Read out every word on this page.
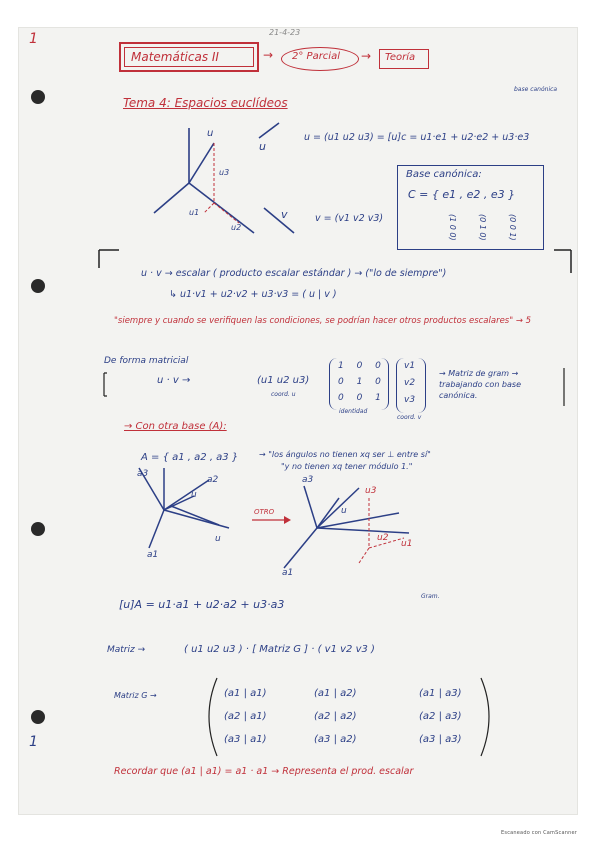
1
1
21-4-23
Matemáticas II	→ 2° Parcial → Teoría
base canónica
Tema 4: Espacios euclídeos
u
u3
u1
u2
u
v
u = (u1 u2 u3) = [u]c = u1·e1 + u2·e2 + u3·e3
v = (v1 v2 v3)
Base canónica:
C = { e1 , e2 , e3 }
(1 0 0)	(0 1 0)	(0 0 1)
u · v → escalar ( producto escalar estándar ) → ("lo de siempre")
↳ u1·v1 + u2·v2 + u3·v3 = ( u | v )
"siempre y cuando se verifiquen las condiciones, se podrían hacer otros productos escalares" → 5
De forma matricial
u · v →	(u1 u2 u3)
coord. u
1 0 0
0 1 0
0 0 1
identidad
v1
v2
v3
coord. v
→ Matriz de gram → trabajando con base canónica.
→ Con otra base (A):
A = { a1 , a2 , a3 }	→ "los ángulos no tienen xq ser ⊥ entre sí"
"y no tienen xq tener módulo 1."
a3
a2
u
a1
u
OTRO
a3
u3
u
u2
u1
a1
[u]A = u1·a1 + u2·a2 + u3·a3
Gram.
Matriz →	( u1 u2 u3 ) · [ Matriz G ] · ( v1 v2 v3 )
Matriz G →	(a1 | a1)	(a1 | a2)	(a1 | a3)
(a2 | a1)	(a2 | a2)	(a2 | a3)
(a3 | a1)	(a3 | a2)	(a3 | a3)
Recordar que (a1 | a1) = a1 · a1 → Representa el prod. escalar
Escaneado con CamScanner
